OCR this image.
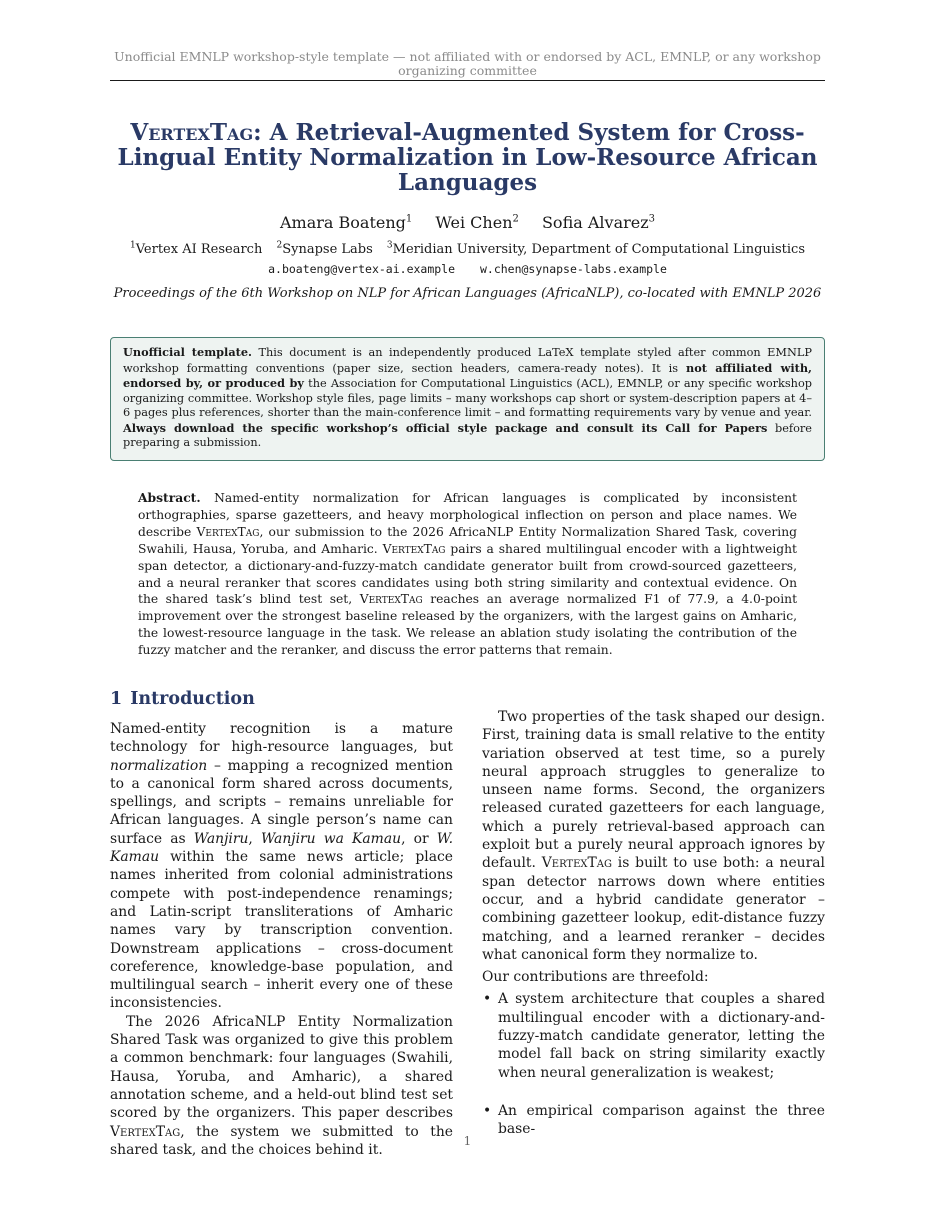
Unofficial EMNLP workshop-style template — not affiliated with or endorsed by ACL, EMNLP, or any workshop organizing committee
VertexTag: A Retrieval-Augmented System for Cross-Lingual Entity Normalization in Low-Resource African Languages
Amara Boateng$^1$ Wei Chen$^2$ Sofia Alvarez$^3$
$^1$Vertex AI Research $^2$Synapse Labs $^3$Meridian University, Department of Computational Linguistics
a.boateng@vertex-ai.example w.chen@synapse-labs.example
Proceedings of the 6th Workshop on NLP for African Languages (AfricaNLP), co-located with EMNLP 2026
Unofficial template. This document is an independently produced LaTeX template styled after common EMNLP workshop formatting conventions (paper size, section headers, camera-ready notes). It is not affiliated with, endorsed by, or produced by the Association for Computational Linguistics (ACL), EMNLP, or any specific workshop organizing committee. Workshop style files, page limits – many workshops cap short or system-description papers at 4–6 pages plus references, shorter than the main-conference limit – and formatting requirements vary by venue and year. Always download the specific workshop’s official style package and consult its Call for Papers before preparing a submission.

Abstract. Named-entity normalization for African languages is complicated by inconsistent orthographies, sparse gazetteers, and heavy morphological inflection on person and place names. We describe VertexTag, our submission to the 2026 AfricaNLP Entity Normalization Shared Task, covering Swahili, Hausa, Yoruba, and Amharic. VertexTag pairs a shared multilingual encoder with a lightweight span detector, a dictionary-and-fuzzy-match candidate generator built from crowd-sourced gazetteers, and a neural reranker that scores candidates using both string similarity and contextual evidence. On the shared task’s blind test set, VertexTag reaches an average normalized F1 of 77.9, a 4.0-point improvement over the strongest baseline released by the organizers, with the largest gains on Amharic, the lowest-resource language in the task. We release an ablation study isolating the contribution of the fuzzy matcher and the reranker, and discuss the error patterns that remain.

1 Introduction

Named-entity recognition is a mature technology for high-resource languages, but normalization – mapping a recognized mention to a canonical form shared across documents, spellings, and scripts – remains unreliable for African languages. A single person’s name can surface as Wanjiru, Wanjiru wa Kamau, or W. Kamau within the same news article; place names inherited from colonial administrations compete with post-independence renamings; and Latin-script transliterations of Amharic names vary by transcription convention. Downstream applications – cross-document coreference, knowledge-base population, and multilingual search – inherit every one of these inconsistencies.

The 2026 AfricaNLP Entity Normalization Shared Task was organized to give this problem a common benchmark: four languages (Swahili, Hausa, Yoruba, and Amharic), a shared annotation scheme, and a held-out blind test set scored by the organizers. This paper describes VertexTag, the system we submitted to the shared task, and the choices behind it.

Two properties of the task shaped our design. First, training data is small relative to the entity variation observed at test time, so a purely neural approach struggles to generalize to unseen name forms. Second, the organizers released curated gazetteers for each language, which a purely retrieval-based approach can exploit but a purely neural approach ignores by default. VertexTag is built to use both: a neural span detector narrows down where entities occur, and a hybrid candidate generator – combining gazetteer lookup, edit-distance fuzzy matching, and a learned reranker – decides what canonical form they normalize to.

Our contributions are threefold:

• A system architecture that couples a shared multilingual encoder with a dictionary-and-fuzzy-match candidate generator, letting the model fall back on string similarity exactly when neural generalization is weakest;
• An empirical comparison against the three base-
1
